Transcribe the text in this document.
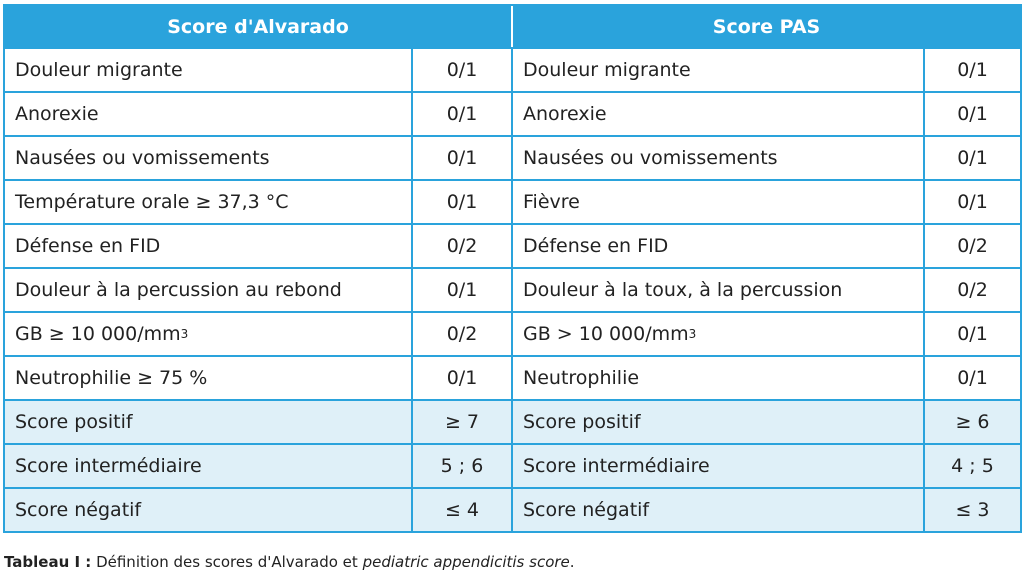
Score d'Alvarado	Score PAS
Douleur migrante	0/1 Douleur migrante	0/1
Anorexie	0/1 Anorexie	0/1
Nausées ou vomissements	0/1 Nausées ou vomissements	0/1
Température orale ≥ 37,3 °C	0/1 Fièvre	0/1
Défense en FID	0/2 Défense en FID	0/2
Douleur à la percussion au rebond	0/1 Douleur à la toux, à la percussion	0/2
GB ≥ 10 000/mm 3	0/2 GB > 10 000/mm 3	0/1
Neutrophilie ≥ 75 %	0/1 Neutrophilie	0/1
Score positif	≥ 7 Score positif	≥ 6
Score intermédiaire	5 ; 6 Score intermédiaire	4 ; 5
Score négatif	≤ 4 Score négatif	≤ 3
Tableau I : Définition des scores d'Alvarado et pediatric appendicitis score.
